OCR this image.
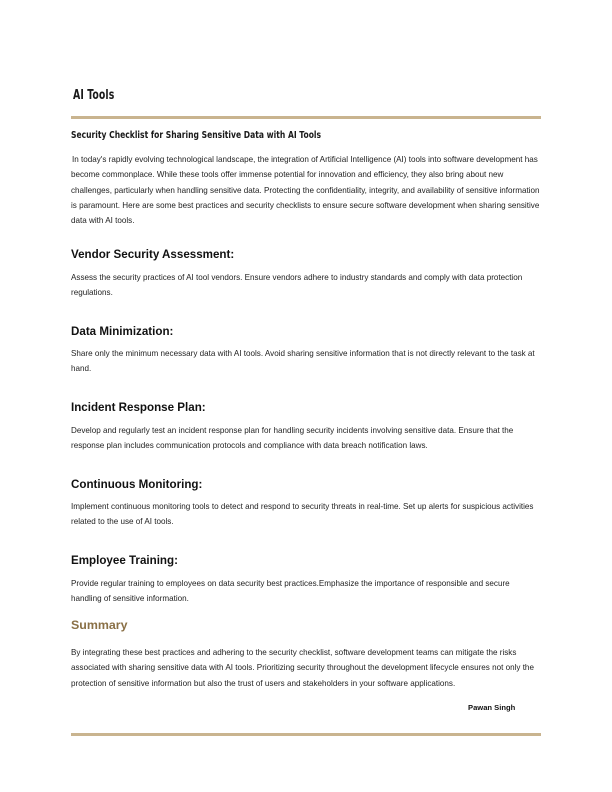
AI Tools
Security Checklist for Sharing Sensitive Data with AI Tools
In today's rapidly evolving technological landscape, the integration of Artificial Intelligence (AI) tools into software development has become commonplace. While these tools offer immense potential for innovation and efficiency, they also bring about new challenges, particularly when handling sensitive data. Protecting the confidentiality, integrity, and availability of sensitive information is paramount. Here are some best practices and security checklists to ensure secure software development when sharing sensitive data with AI tools.
Vendor Security Assessment:
Assess the security practices of AI tool vendors. Ensure vendors adhere to industry standards and comply with data protection regulations.
Data Minimization:
Share only the minimum necessary data with AI tools. Avoid sharing sensitive information that is not directly relevant to the task at hand.
Incident Response Plan:
Develop and regularly test an incident response plan for handling security incidents involving sensitive data. Ensure that the response plan includes communication protocols and compliance with data breach notification laws.
Continuous Monitoring:
Implement continuous monitoring tools to detect and respond to security threats in real-time. Set up alerts for suspicious activities related to the use of AI tools.
Employee Training:
Provide regular training to employees on data security best practices.Emphasize the importance of responsible and secure handling of sensitive information.
Summary
By integrating these best practices and adhering to the security checklist, software development teams can mitigate the risks associated with sharing sensitive data with AI tools. Prioritizing security throughout the development lifecycle ensures not only the protection of sensitive information but also the trust of users and stakeholders in your software applications.
Pawan Singh
